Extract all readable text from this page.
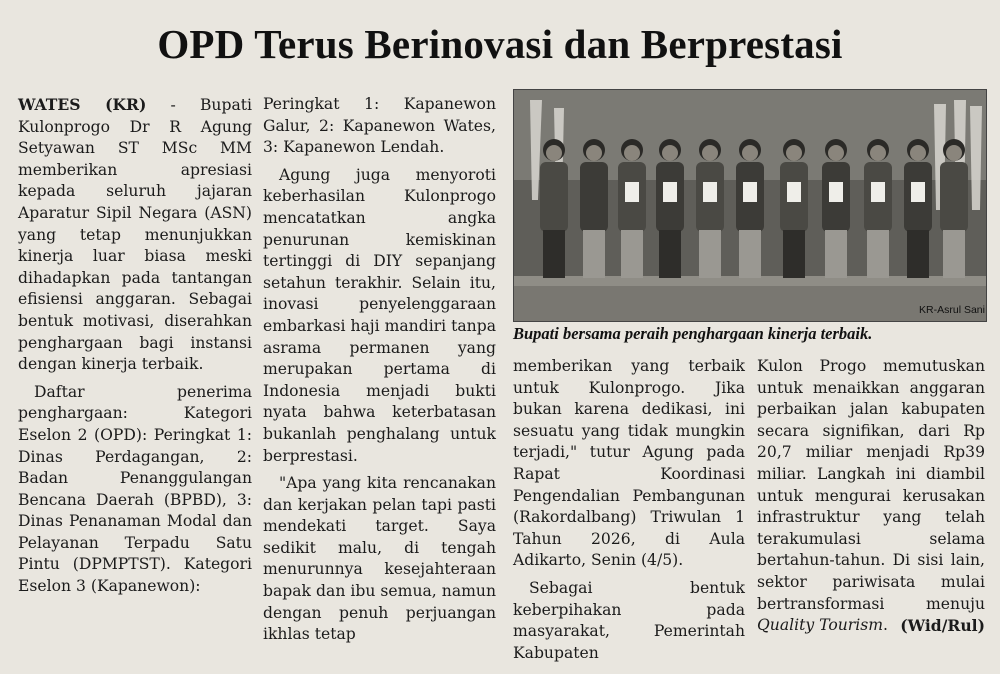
OPD Terus Berinovasi dan Berprestasi

WATES (KR) - Bupati Kulonprogo Dr R Agung Setyawan ST MSc MM memberikan apresiasi kepada seluruh jajaran Aparatur Sipil Negara (ASN) yang tetap menunjukkan kinerja luar biasa meski dihadapkan pada tantangan efisiensi anggaran. Sebagai bentuk motivasi, diserahkan penghargaan bagi instansi dengan kinerja terbaik.

Daftar penerima penghargaan: Kategori Eselon 2 (OPD): Peringkat 1: Dinas Perdagangan, 2: Badan Penanggulangan Bencana Daerah (BPBD), 3: Dinas Penanaman Modal dan Pelayanan Terpadu Satu Pintu (DPMPTST). Kategori Eselon 3 (Kapanewon):

Peringkat 1: Kapanewon Galur, 2: Kapanewon Wates, 3: Kapanewon Lendah.

Agung juga menyoroti keberhasilan Kulonprogo mencatatkan angka penurunan kemiskinan tertinggi di DIY sepanjang setahun terakhir. Selain itu, inovasi penyelenggaraan embarkasi haji mandiri tanpa asrama permanen yang merupakan pertama di Indonesia menjadi bukti nyata bahwa keterbatasan bukanlah penghalang untuk berprestasi.

"Apa yang kita rencanakan dan kerjakan pelan tapi pasti mendekati target. Saya sedikit malu, di tengah menurunnya kesejahteraan bapak dan ibu semua, namun dengan penuh perjuangan ikhlas tetap

KR-Asrul Sani
Bupati bersama peraih penghargaan kinerja terbaik.

memberikan yang terbaik untuk Kulonprogo. Jika bukan karena dedikasi, ini sesuatu yang tidak mungkin terjadi," tutur Agung pada Rapat Koordinasi Pengendalian Pembangunan (Rakordalbang) Triwulan 1 Tahun 2026, di Aula Adikarto, Senin (4/5).

Sebagai bentuk keberpihakan pada masyarakat, Pemerintah Kabupaten

Kulon Progo memutuskan untuk menaikkan anggaran perbaikan jalan kabupaten secara signifikan, dari Rp 20,7 miliar menjadi Rp39 miliar. Langkah ini diambil untuk mengurai kerusakan infrastruktur yang telah terakumulasi selama bertahun-tahun. Di sisi lain, sektor pariwisata mulai bertransformasi menuju Quality Tourism. (Wid/Rul)
